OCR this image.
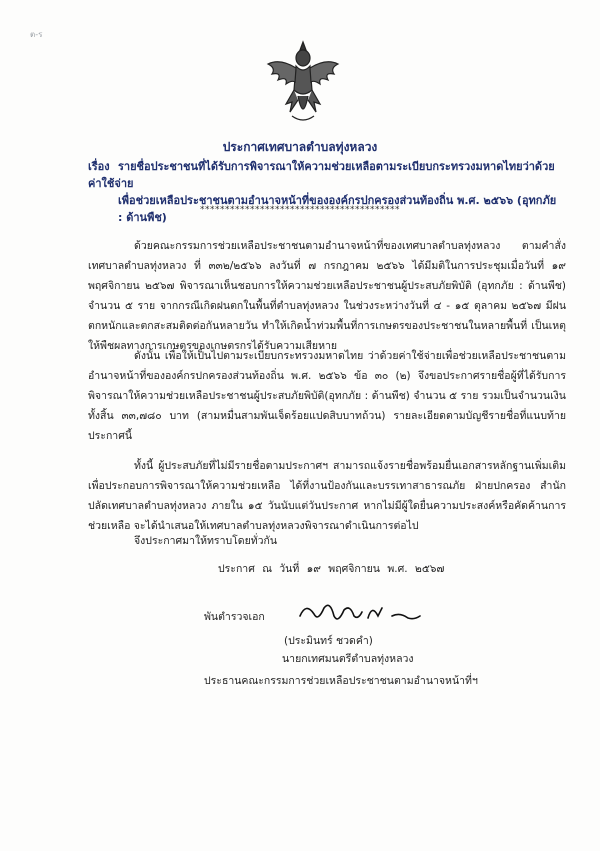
ต-ร
ประกาศเทศบาลตำบลทุ่งหลวง
เรื่อง รายชื่อประชาชนที่ได้รับการพิจารณาให้ความช่วยเหลือตามระเบียบกระทรวงมหาดไทยว่าด้วยค่าใช้จ่าย
เพื่อช่วยเหลือประชาชนตามอำนาจหน้าที่ขององค์กรปกครองส่วนท้องถิ่น พ.ศ. ๒๕๖๖ (อุทกภัย : ด้านพืช)
****************************************
ด้วยคณะกรรมการช่วยเหลือประชาชนตามอำนาจหน้าที่ของเทศบาลตำบลทุ่งหลวง ตามคำสั่งเทศบาลตำบลทุ่งหลวง ที่ ๓๓๒/๒๕๖๖ ลงวันที่ ๗ กรกฎาคม ๒๕๖๖ ได้มีมติในการประชุมเมื่อวันที่ ๑๙ พฤศจิกายน ๒๕๖๗ พิจารณาเห็นชอบการให้ความช่วยเหลือประชาชนผู้ประสบภัยพิบัติ (อุทกภัย : ด้านพืช) จำนวน ๕ ราย จากกรณีเกิดฝนตกในพื้นที่ตำบลทุ่งหลวง ในช่วงระหว่างวันที่ ๔ - ๑๕ ตุลาคม ๒๕๖๗ มีฝนตกหนักและตกสะสมติดต่อกันหลายวัน ทำให้เกิดน้ำท่วมพื้นที่การเกษตรของประชาชนในหลายพื้นที่ เป็นเหตุให้พืชผลทางการเกษตรของเกษตรกรได้รับความเสียหาย
ดังนั้น เพื่อให้เป็นไปตามระเบียบกระทรวงมหาดไทย ว่าด้วยค่าใช้จ่ายเพื่อช่วยเหลือประชาชนตามอำนาจหน้าที่ขององค์กรปกครองส่วนท้องถิ่น พ.ศ. ๒๕๖๖ ข้อ ๓๐ (๒) จึงขอประกาศรายชื่อผู้ที่ได้รับการพิจารณาให้ความช่วยเหลือประชาชนผู้ประสบภัยพิบัติ(อุทกภัย : ด้านพืช) จำนวน ๕ ราย รวมเป็นจำนวนเงินทั้งสิ้น ๓๓,๗๘๐ บาท (สามหมื่นสามพันเจ็ดร้อยแปดสิบบาทถ้วน) รายละเอียดตามบัญชีรายชื่อที่แนบท้ายประกาศนี้
ทั้งนี้ ผู้ประสบภัยที่ไม่มีรายชื่อตามประกาศฯ สามารถแจ้งรายชื่อพร้อมยื่นเอกสารหลักฐานเพิ่มเติม เพื่อประกอบการพิจารณาให้ความช่วยเหลือ ได้ที่งานป้องกันและบรรเทาสาธารณภัย ฝ่ายปกครอง สำนักปลัดเทศบาลตำบลทุ่งหลวง ภายใน ๑๕ วันนับแต่วันประกาศ หากไม่มีผู้ใดยื่นความประสงค์หรือคัดค้านการช่วยเหลือ จะได้นำเสนอให้เทศบาลตำบลทุ่งหลวงพิจารณาดำเนินการต่อไป
จึงประกาศมาให้ทราบโดยทั่วกัน
ประกาศ ณ วันที่ ๑๙ พฤศจิกายน พ.ศ. ๒๕๖๗
พันตำรวจเอก
(ประมินทร์ ชวดคำ)
นายกเทศมนตรีตำบลทุ่งหลวง
ประธานคณะกรรมการช่วยเหลือประชาชนตามอำนาจหน้าที่ฯ
